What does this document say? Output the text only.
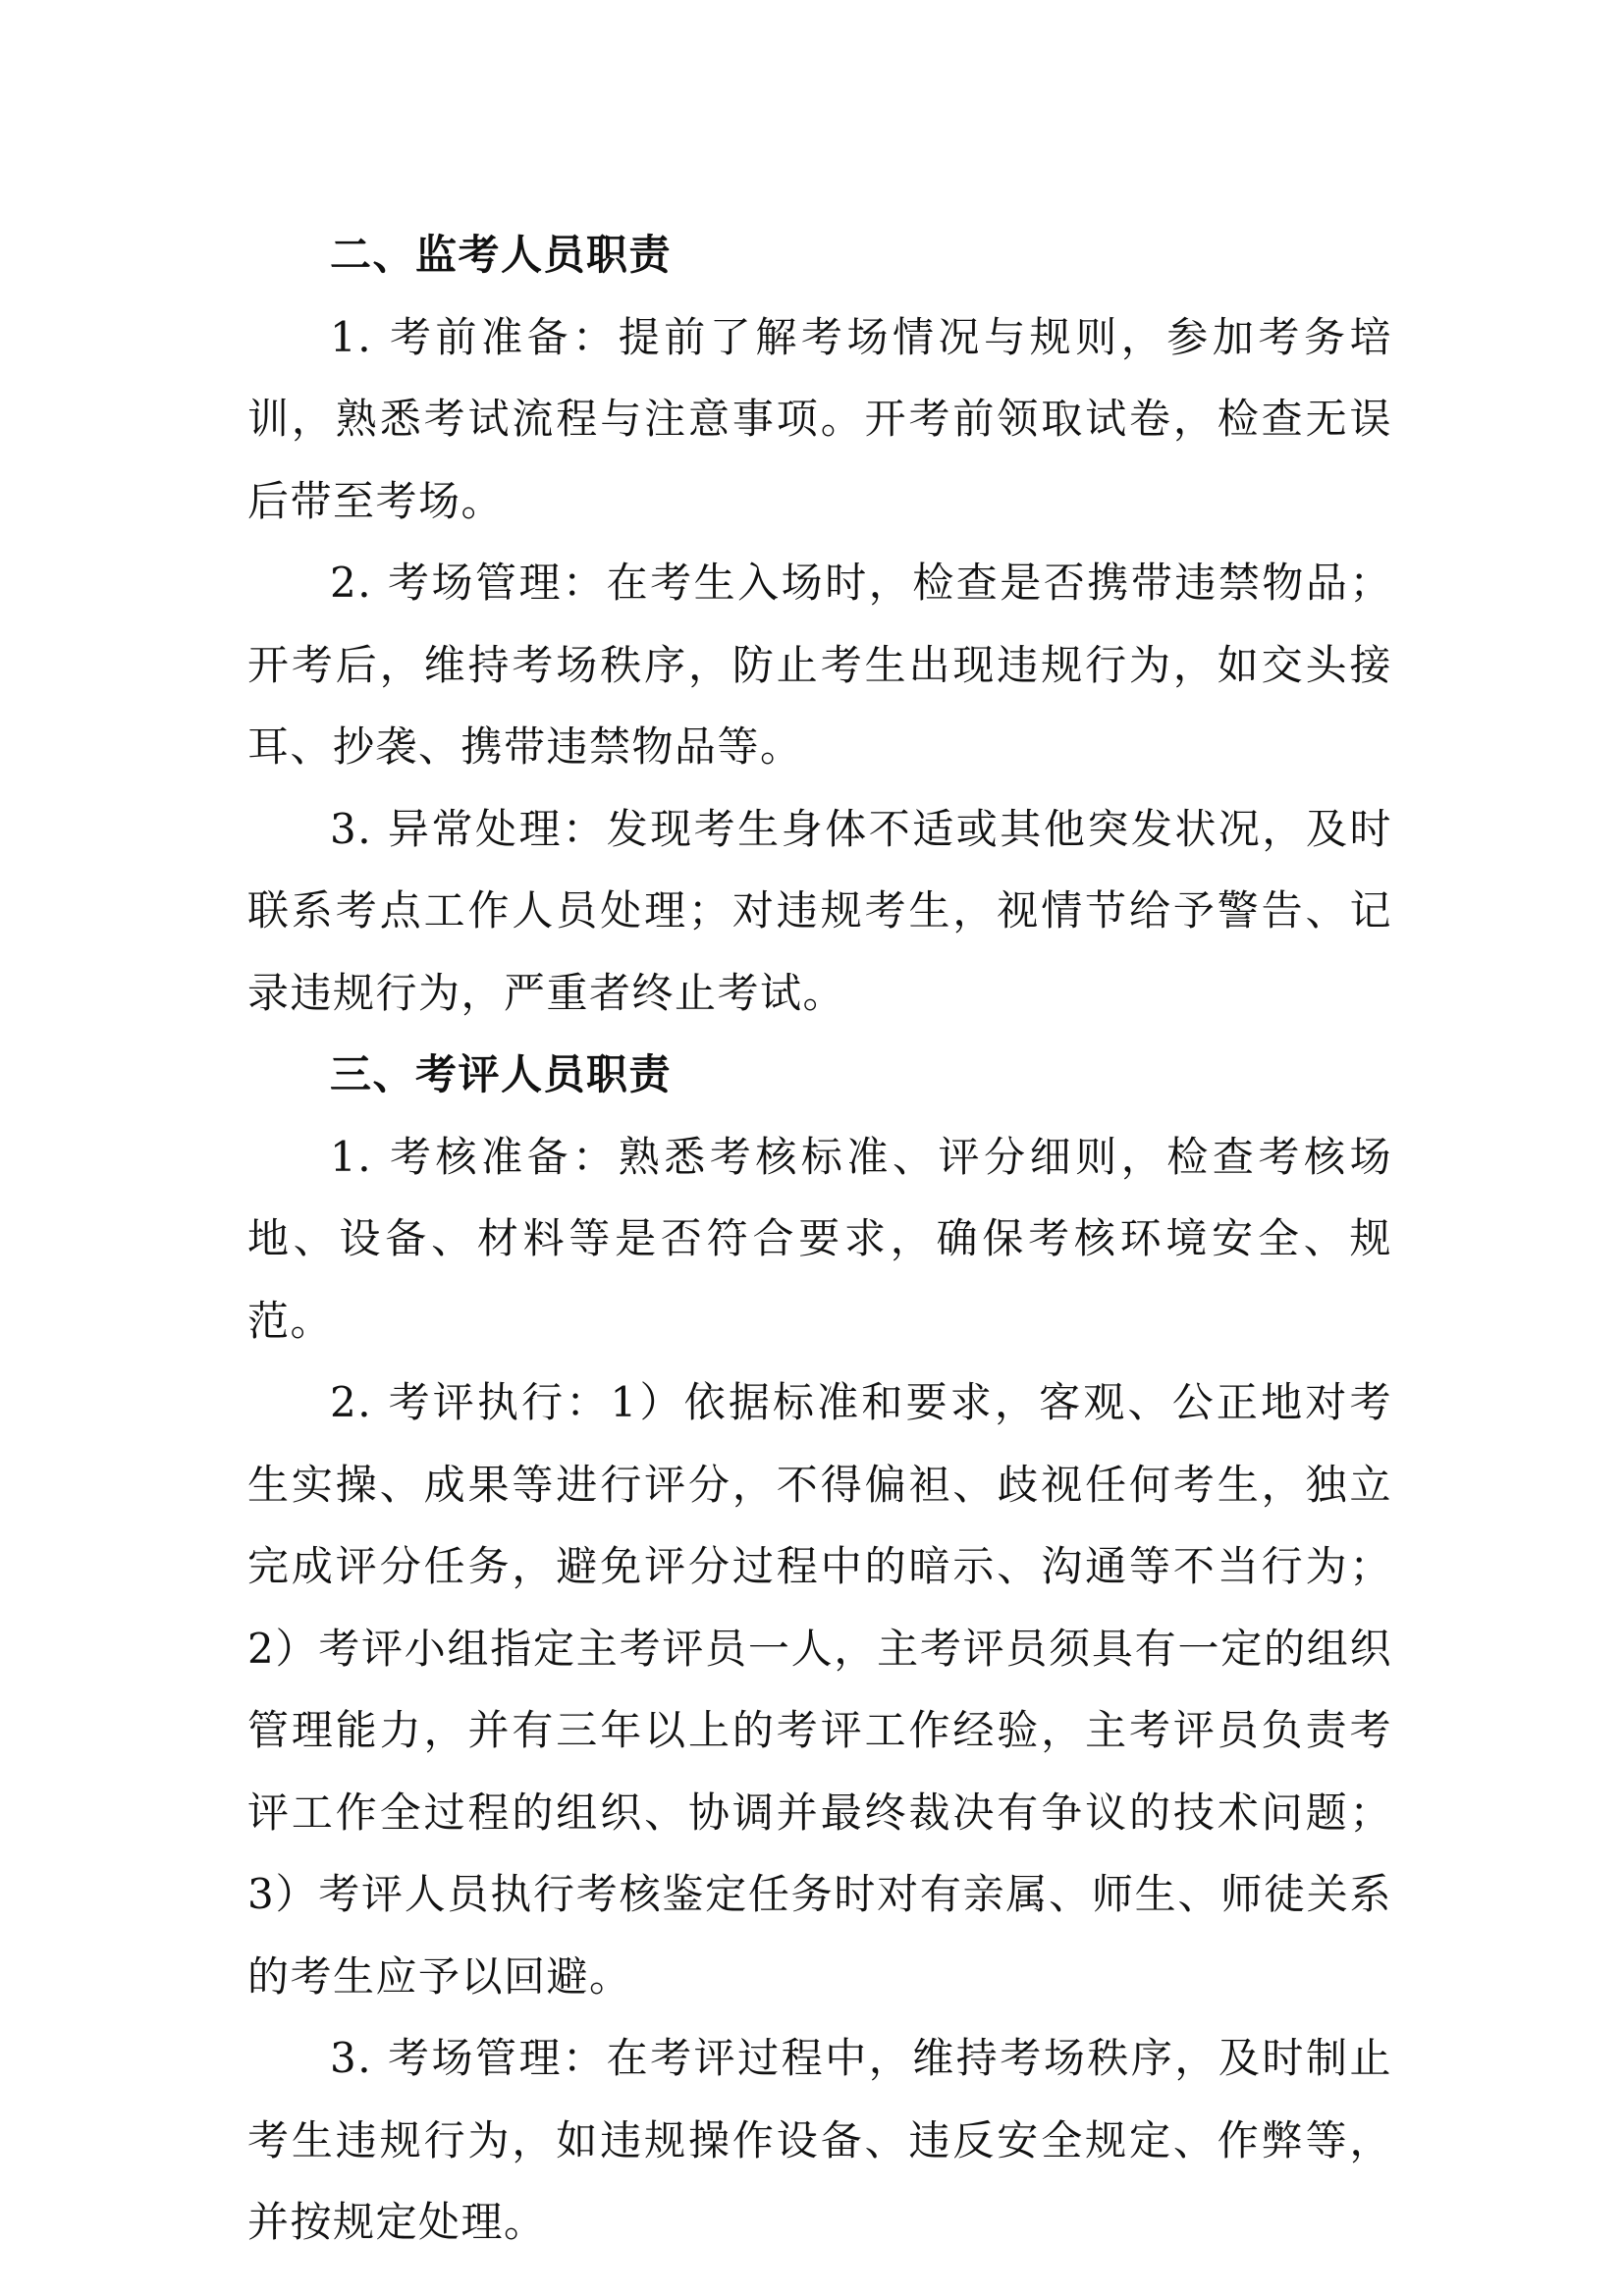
二、监考人员职责

1. 考前准备：提前了解考场情况与规则，参加考务培训，熟悉考试流程与注意事项。开考前领取试卷，检查无误后带至考场。

2. 考场管理：在考生入场时，检查是否携带违禁物品；开考后，维持考场秩序，防止考生出现违规行为，如交头接耳、抄袭、携带违禁物品等。

3. 异常处理：发现考生身体不适或其他突发状况，及时联系考点工作人员处理；对违规考生，视情节给予警告、记录违规行为，严重者终止考试。

三、考评人员职责

1. 考核准备：熟悉考核标准、评分细则，检查考核场地、设备、材料等是否符合要求，确保考核环境安全、规范。

2. 考评执行：1）依据标准和要求，客观、公正地对考生实操、成果等进行评分，不得偏袒、歧视任何考生，独立完成评分任务，避免评分过程中的暗示、沟通等不当行为；2）考评小组指定主考评员一人，主考评员须具有一定的组织管理能力，并有三年以上的考评工作经验，主考评员负责考评工作全过程的组织、协调并最终裁决有争议的技术问题；3）考评人员执行考核鉴定任务时对有亲属、师生、师徒关系的考生应予以回避。

3. 考场管理：在考评过程中，维持考场秩序，及时制止考生违规行为，如违规操作设备、违反安全规定、作弊等，并按规定处理。
